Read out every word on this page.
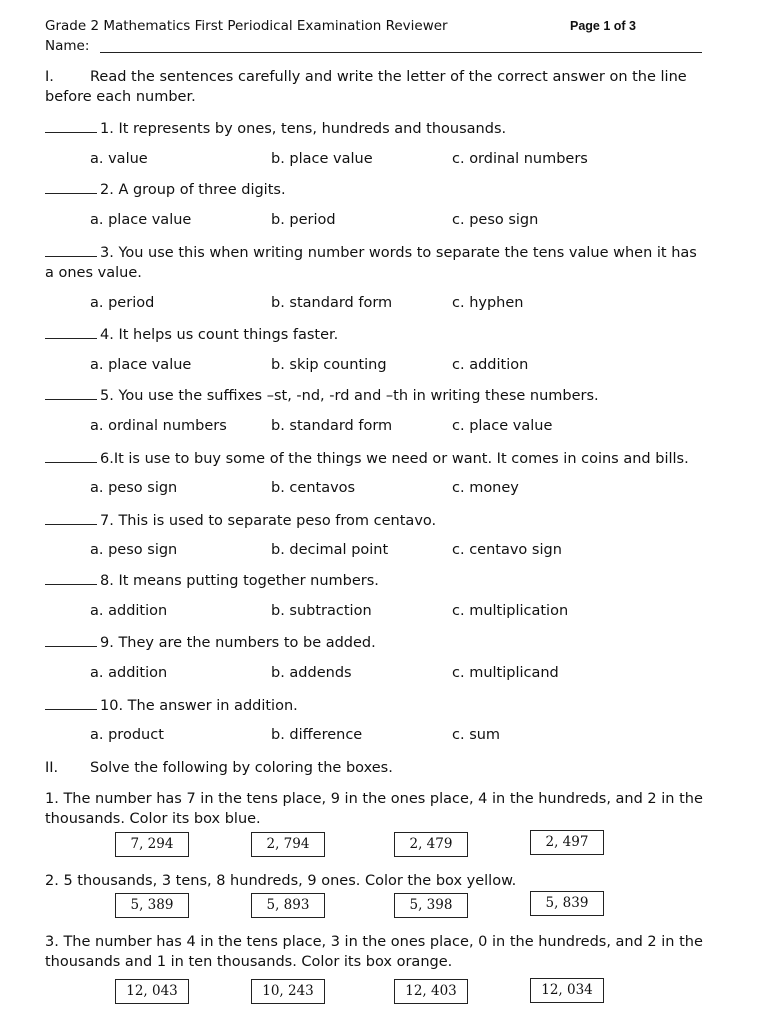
Grade 2 Mathematics First Periodical Examination Reviewer	Page 1 of 3
Name:
I. Read the sentences carefully and write the letter of the correct answer on the line before each number.
1. It represents by ones, tens, hundreds and thousands.
a. value	b. place value	c. ordinal numbers
2. A group of three digits.
a. place value	b. period	c. peso sign
3. You use this when writing number words to separate the tens value when it has a ones value.
a. period	b. standard form	c. hyphen
4. It helps us count things faster.
a. place value	b. skip counting	c. addition
5. You use the suffixes –st, -nd, -rd and –th in writing these numbers.
a. ordinal numbers	b. standard form	c. place value
6.It is use to buy some of the things we need or want. It comes in coins and bills.
a. peso sign	b. centavos	c. money
7. This is used to separate peso from centavo.
a. peso sign	b. decimal point	c. centavo sign
8. It means putting together numbers.
a. addition	b. subtraction	c. multiplication
9. They are the numbers to be added.
a. addition	b. addends	c. multiplicand
10. The answer in addition.
a. product	b. difference	c. sum
II. Solve the following by coloring the boxes.
1. The number has 7 in the tens place, 9 in the ones place, 4 in the hundreds, and 2 in the thousands. Color its box blue.
7, 294	2, 794	2, 479	2, 497
2. 5 thousands, 3 tens, 8 hundreds, 9 ones. Color the box yellow.
5, 389	5, 893	5, 398	5, 839
3. The number has 4 in the tens place, 3 in the ones place, 0 in the hundreds, and 2 in the thousands and 1 in ten thousands. Color its box orange.
12, 043	10, 243	12, 403	12, 034
